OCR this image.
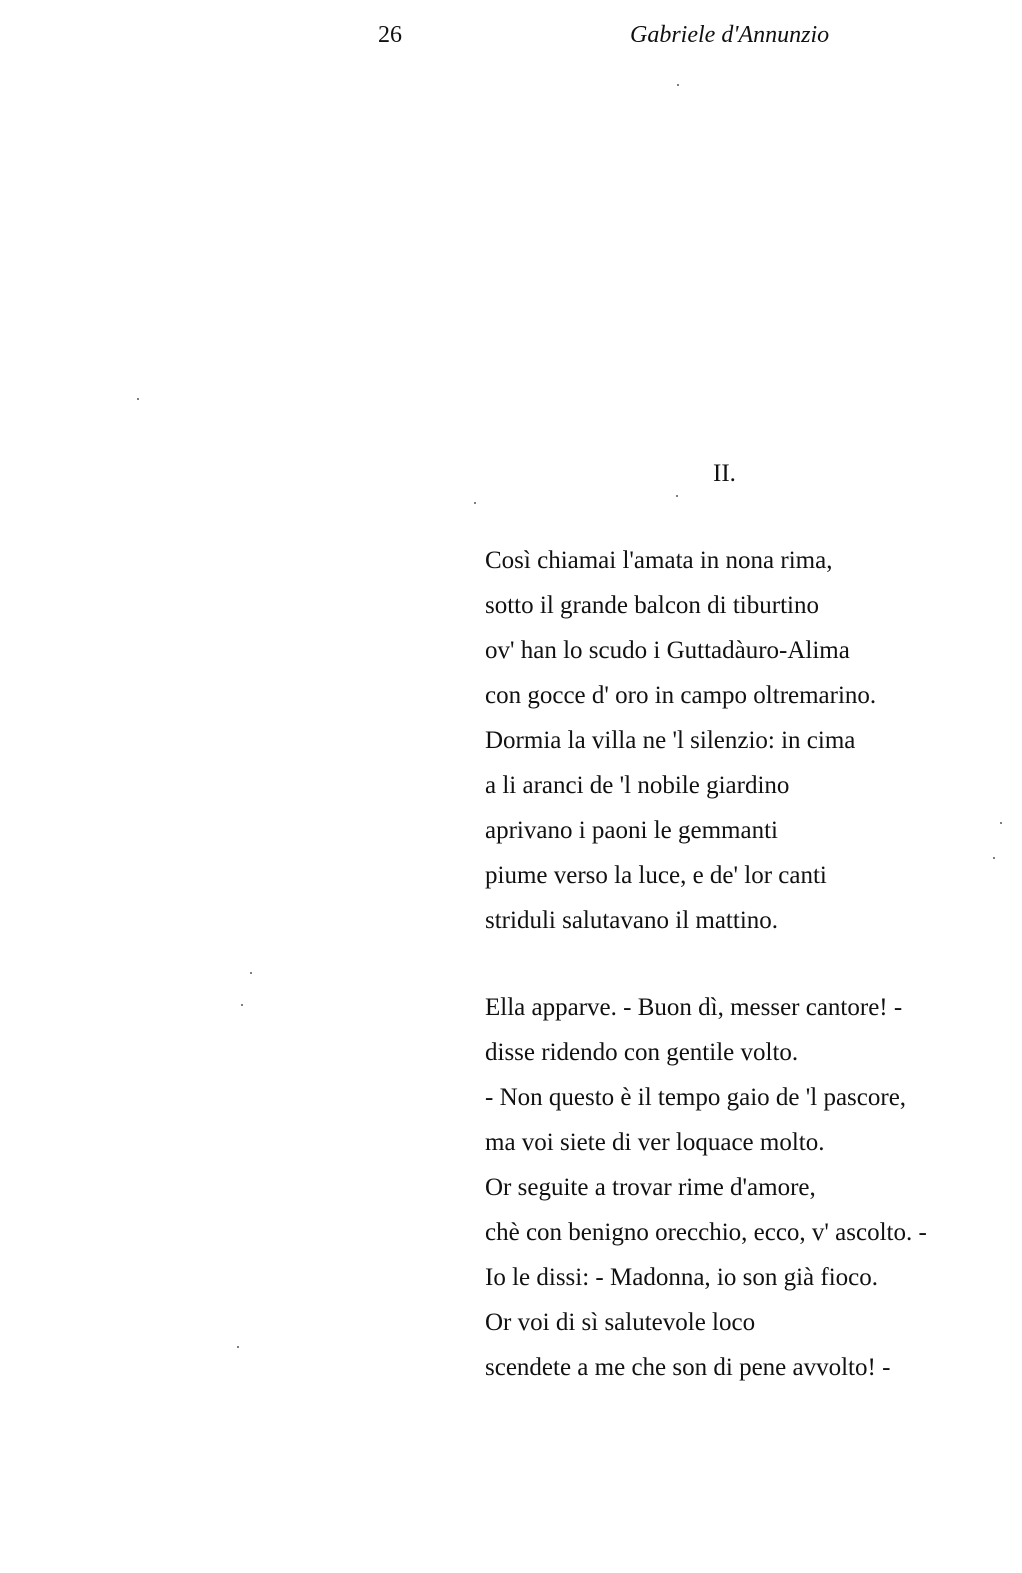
26	Gabriele d'Annunzio
II.
Così chiamai l'amata in nona rima,
sotto il grande balcon di tiburtino
ov' han lo scudo i Guttadàuro-Alima
con gocce d' oro in campo oltremarino.
Dormia la villa ne 'l silenzio: in cima
a li aranci de 'l nobile giardino
aprivano i paoni le gemmanti
piume verso la luce, e de' lor canti
striduli salutavano il mattino.
Ella apparve. - Buon dì, messer cantore! -
disse ridendo con gentile volto.
- Non questo è il tempo gaio de 'l pascore,
ma voi siete di ver loquace molto.
Or seguite a trovar rime d'amore,
chè con benigno orecchio, ecco, v' ascolto. -
Io le dissi: - Madonna, io son già fioco.
Or voi di sì salutevole loco
scendete a me che son di pene avvolto! -
